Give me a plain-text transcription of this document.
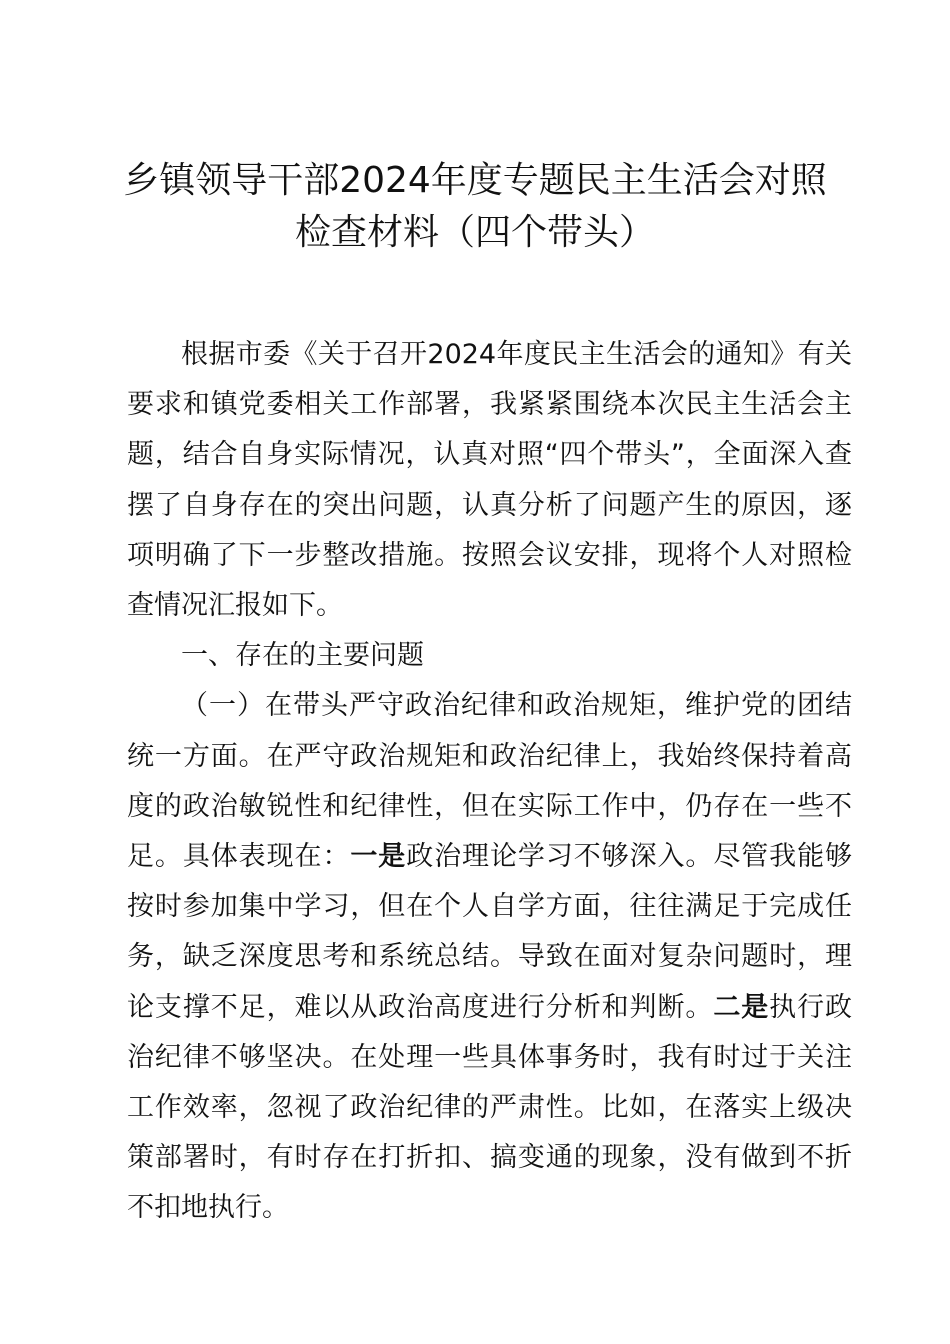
乡镇领导干部2024年度专题民主生活会对照
检查材料（四个带头）

根据市委《关于召开2024年度民主生活会的通知》有关要求和镇党委相关工作部署，我紧紧围绕本次民主生活会主题，结合自身实际情况，认真对照“四个带头”，全面深入查摆了自身存在的突出问题，认真分析了问题产生的原因，逐项明确了下一步整改措施。按照会议安排，现将个人对照检查情况汇报如下。

一、存在的主要问题

（一）在带头严守政治纪律和政治规矩，维护党的团结统一方面。在严守政治规矩和政治纪律上，我始终保持着高度的政治敏锐性和纪律性，但在实际工作中，仍存在一些不足。具体表现在：一是政治理论学习不够深入。尽管我能够按时参加集中学习，但在个人自学方面，往往满足于完成任务，缺乏深度思考和系统总结。导致在面对复杂问题时，理论支撑不足，难以从政治高度进行分析和判断。二是执行政治纪律不够坚决。在处理一些具体事务时，我有时过于关注工作效率，忽视了政治纪律的严肃性。比如，在落实上级决策部署时，有时存在打折扣、搞变通的现象，没有做到不折不扣地执行。
